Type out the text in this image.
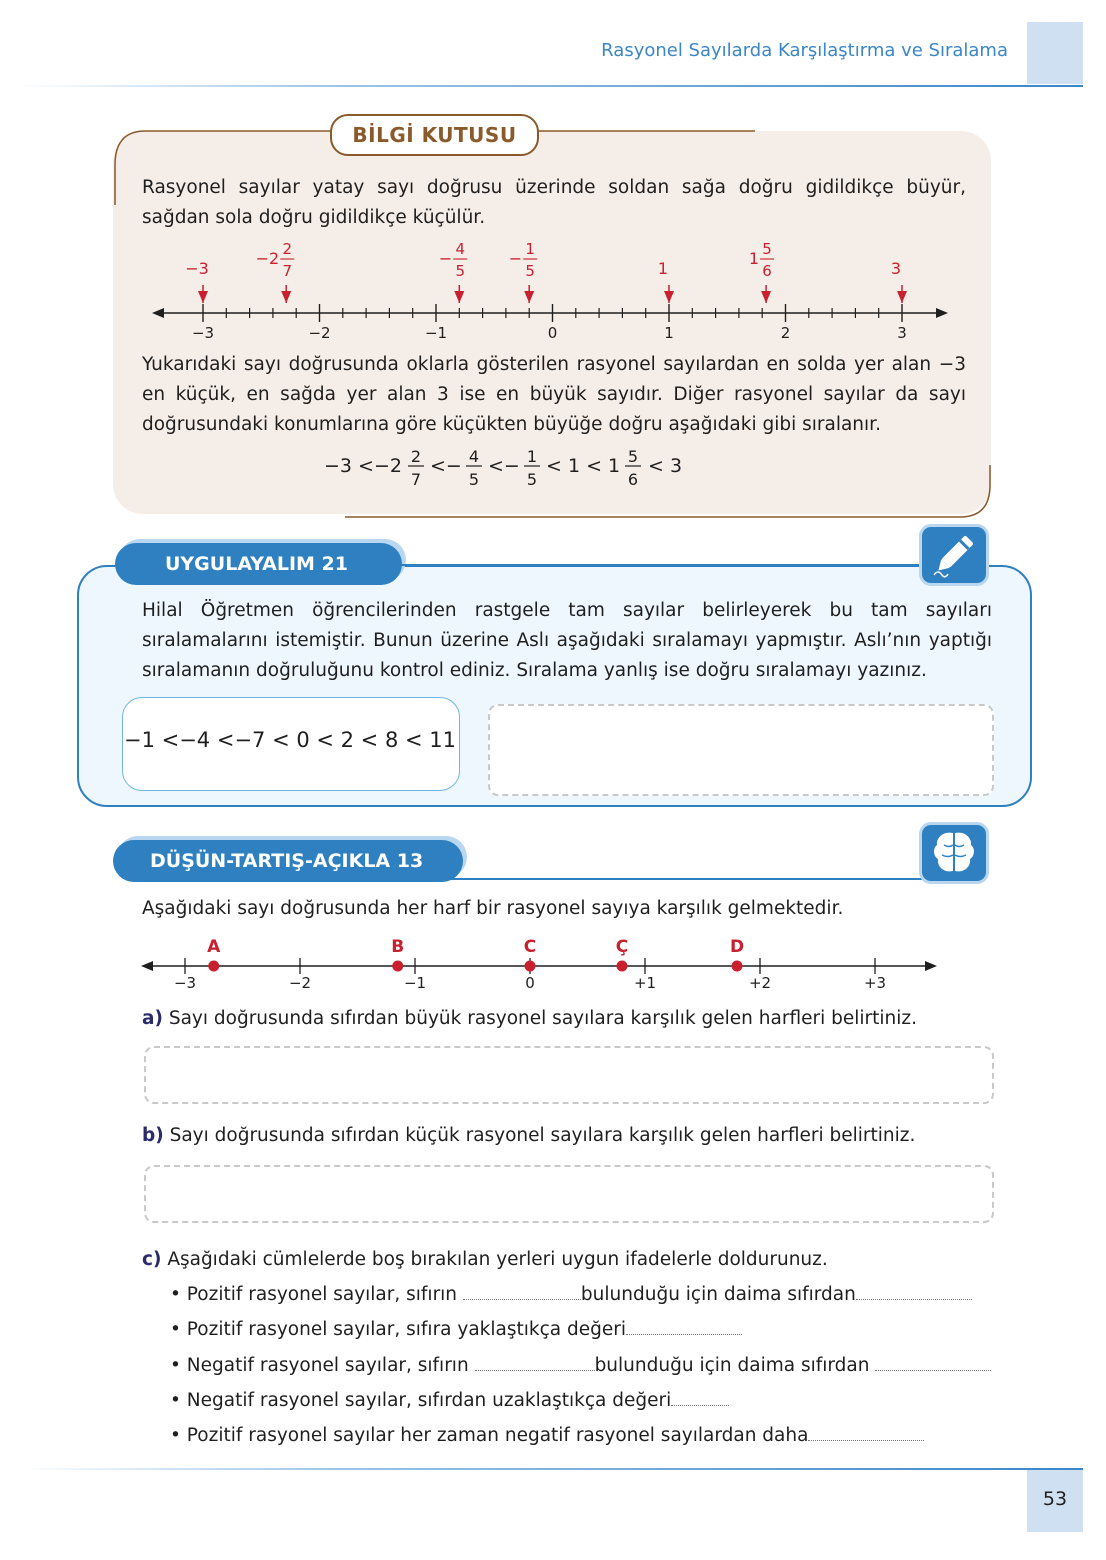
Rasyonel Sayılarda Karşılaştırma ve Sıralama
BİLGİ KUTUSU
Rasyonel sayılar yatay sayı doğrusu üzerinde soldan sağa doğru gidildikçe büyür, sağdan sola doğru gidildikçe küçülür.
−3	−2	−1	0	1	2	3
−3
−2 2
7
− 4
5
− 1
5	1
1 5
6	3
Yukarıdaki sayı doğrusunda oklarla gösterilen rasyonel sayılardan en solda yer alan −3 en küçük, en sağda yer alan 3 ise en büyük sayıdır. Diğer rasyonel sayılar da sayı doğrusundaki konumlarına göre küçükten büyüğe doğru aşağıdaki gibi sıralanır.
−3 <−2 2
7
<− 4
5
<− 1
5
< 1 < 1 5
6
< 3
UYGULAYALIM 21
Hilal Öğretmen öğrencilerinden rastgele tam sayılar belirleyerek bu tam sayıları sıralamalarını istemiştir. Bunun üzerine Aslı aşağıdaki sıralamayı yapmıştır. Aslı’nın yaptığı sıralamanın doğruluğunu kontrol ediniz. Sıralama yanlış ise doğru sıralamayı yazınız.
−1 <−4 <−7 < 0 < 2 < 8 < 11
DÜŞÜN-TARTIŞ-AÇIKLA 13
Aşağıdaki sayı doğrusunda her harf bir rasyonel sayıya karşılık gelmektedir.
−3	−2	−1	0	+1	+2	+3
A	B	C	Ç	D
a) Sayı doğrusunda sıfırdan büyük rasyonel sayılara karşılık gelen harfleri belirtiniz.
b) Sayı doğrusunda sıfırdan küçük rasyonel sayılara karşılık gelen harfleri belirtiniz.
c) Aşağıdaki cümlelerde boş bırakılan yerleri uygun ifadelerle doldurunuz.
• Pozitif rasyonel sayılar, sıfırın	bulunduğu için daima sıfırdan
• Pozitif rasyonel sayılar, sıfıra yaklaştıkça değeri
• Negatif rasyonel sayılar, sıfırın	bulunduğu için daima sıfırdan
• Negatif rasyonel sayılar, sıfırdan uzaklaştıkça değeri
• Pozitif rasyonel sayılar her zaman negatif rasyonel sayılardan daha
53
